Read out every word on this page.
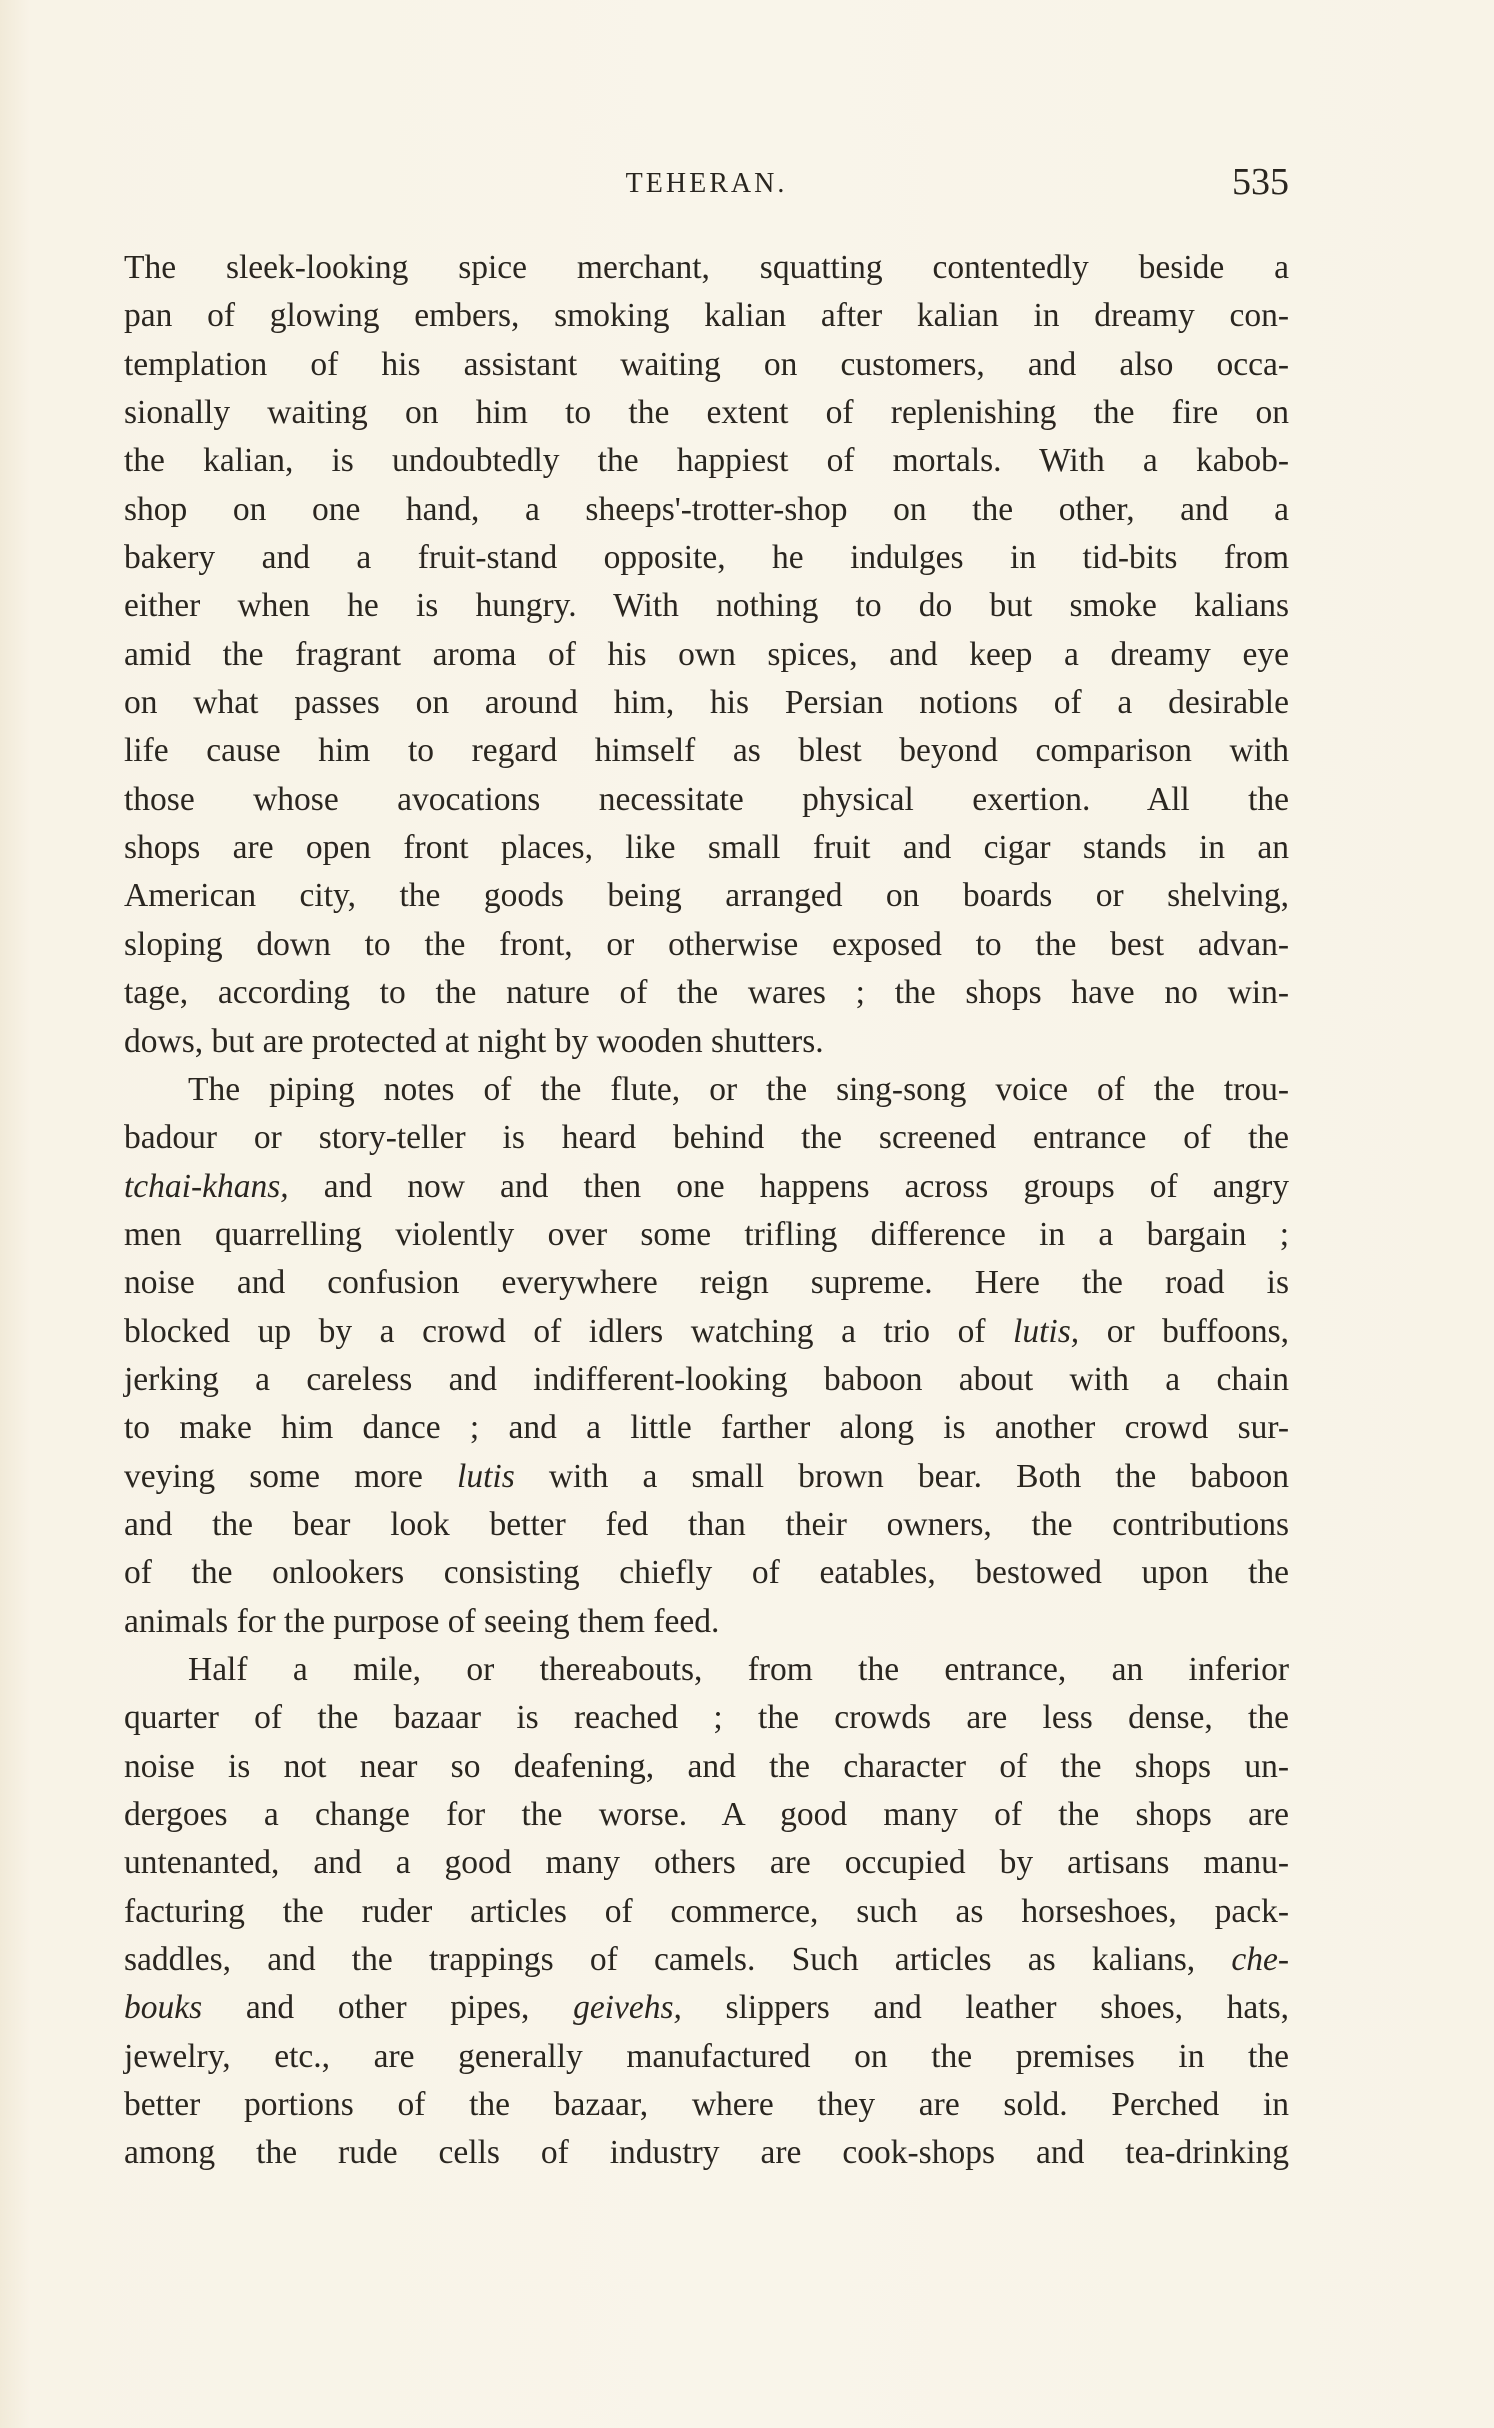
TEHERAN.	535
The sleek-looking spice merchant, squatting contentedly beside a
pan of glowing embers, smoking kalian after kalian in dreamy con-
templation of his assistant waiting on customers, and also occa-
sionally waiting on him to the extent of replenishing the fire on
the kalian, is undoubtedly the happiest of mortals. With a kabob-
shop on one hand, a sheeps'-trotter-shop on the other, and a
bakery and a fruit-stand opposite, he indulges in tid-bits from
either when he is hungry. With nothing to do but smoke kalians
amid the fragrant aroma of his own spices, and keep a dreamy eye
on what passes on around him, his Persian notions of a desirable
life cause him to regard himself as blest beyond comparison with
those whose avocations necessitate physical exertion. All the
shops are open front places, like small fruit and cigar stands in an
American city, the goods being arranged on boards or shelving,
sloping down to the front, or otherwise exposed to the best advan-
tage, according to the nature of the wares ; the shops have no win-
dows, but are protected at night by wooden shutters.
The piping notes of the flute, or the sing-song voice of the trou-
badour or story-teller is heard behind the screened entrance of the
tchai-khans, and now and then one happens across groups of angry
men quarrelling violently over some trifling difference in a bargain ;
noise and confusion everywhere reign supreme. Here the road is
blocked up by a crowd of idlers watching a trio of lutis, or buffoons,
jerking a careless and indifferent-looking baboon about with a chain
to make him dance ; and a little farther along is another crowd sur-
veying some more lutis with a small brown bear. Both the baboon
and the bear look better fed than their owners, the contributions
of the onlookers consisting chiefly of eatables, bestowed upon the
animals for the purpose of seeing them feed.
Half a mile, or thereabouts, from the entrance, an inferior
quarter of the bazaar is reached ; the crowds are less dense, the
noise is not near so deafening, and the character of the shops un-
dergoes a change for the worse. A good many of the shops are
untenanted, and a good many others are occupied by artisans manu-
facturing the ruder articles of commerce, such as horseshoes, pack-
saddles, and the trappings of camels. Such articles as kalians, che-
bouks and other pipes, geivehs, slippers and leather shoes, hats,
jewelry, etc., are generally manufactured on the premises in the
better portions of the bazaar, where they are sold. Perched in
among the rude cells of industry are cook-shops and tea-drinking
